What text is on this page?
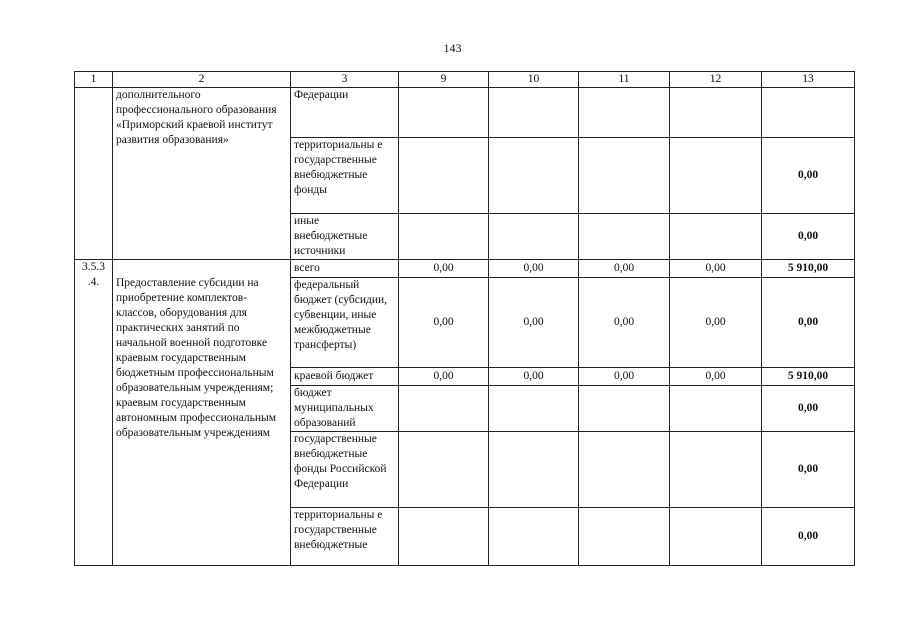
143
1	2	3	9	10	11	12	13
	дополнительного профессионального образования «Приморский краевой институт развития образования»	Федерации					
		территориальны е государственные внебюджетные фонды					0,00
		иные внебюджетные источники					0,00
3.5.3 .4.	Предоставление субсидии на приобретение комплектов-классов, оборудования для практических занятий по начальной военной подготовке краевым государственным бюджетным профессиональным образовательным учреждениям; краевым государственным автономным профессиональным образовательным учреждениям	всего	0,00	0,00	0,00	0,00	5 910,00
		федеральный бюджет (субсидии, субвенции, иные межбюджетные трансферты)	0,00	0,00	0,00	0,00	0,00
		краевой бюджет	0,00	0,00	0,00	0,00	5 910,00
		бюджет муниципальных образований					0,00
		государственные внебюджетные фонды Российской Федерации					0,00
		территориальны е государственные внебюджетные					0,00
